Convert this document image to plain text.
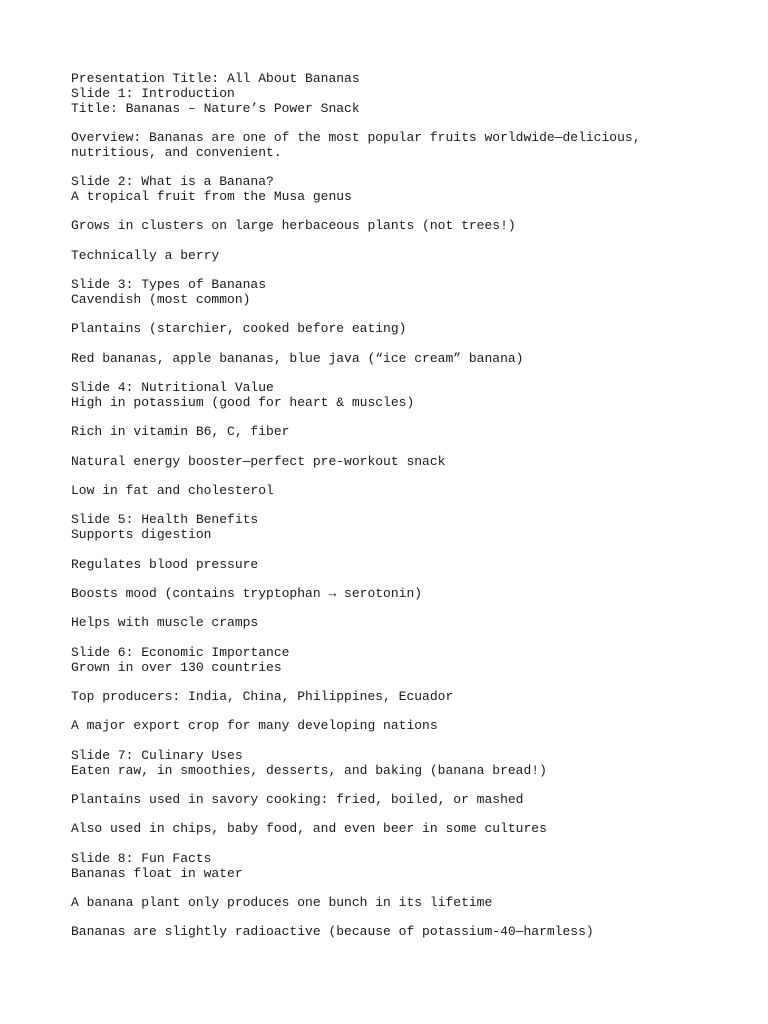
Presentation Title: All About Bananas
Slide 1: Introduction
Title: Bananas – Nature’s Power Snack
Overview: Bananas are one of the most popular fruits worldwide—delicious,
nutritious, and convenient.
Slide 2: What is a Banana?
A tropical fruit from the Musa genus
Grows in clusters on large herbaceous plants (not trees!)
Technically a berry
Slide 3: Types of Bananas
Cavendish (most common)
Plantains (starchier, cooked before eating)
Red bananas, apple bananas, blue java (“ice cream” banana)
Slide 4: Nutritional Value
High in potassium (good for heart & muscles)
Rich in vitamin B6, C, fiber
Natural energy booster—perfect pre-workout snack
Low in fat and cholesterol
Slide 5: Health Benefits
Supports digestion
Regulates blood pressure
Boosts mood (contains tryptophan → serotonin)
Helps with muscle cramps
Slide 6: Economic Importance
Grown in over 130 countries
Top producers: India, China, Philippines, Ecuador
A major export crop for many developing nations
Slide 7: Culinary Uses
Eaten raw, in smoothies, desserts, and baking (banana bread!)
Plantains used in savory cooking: fried, boiled, or mashed
Also used in chips, baby food, and even beer in some cultures
Slide 8: Fun Facts
Bananas float in water
A banana plant only produces one bunch in its lifetime
Bananas are slightly radioactive (because of potassium-40—harmless)
